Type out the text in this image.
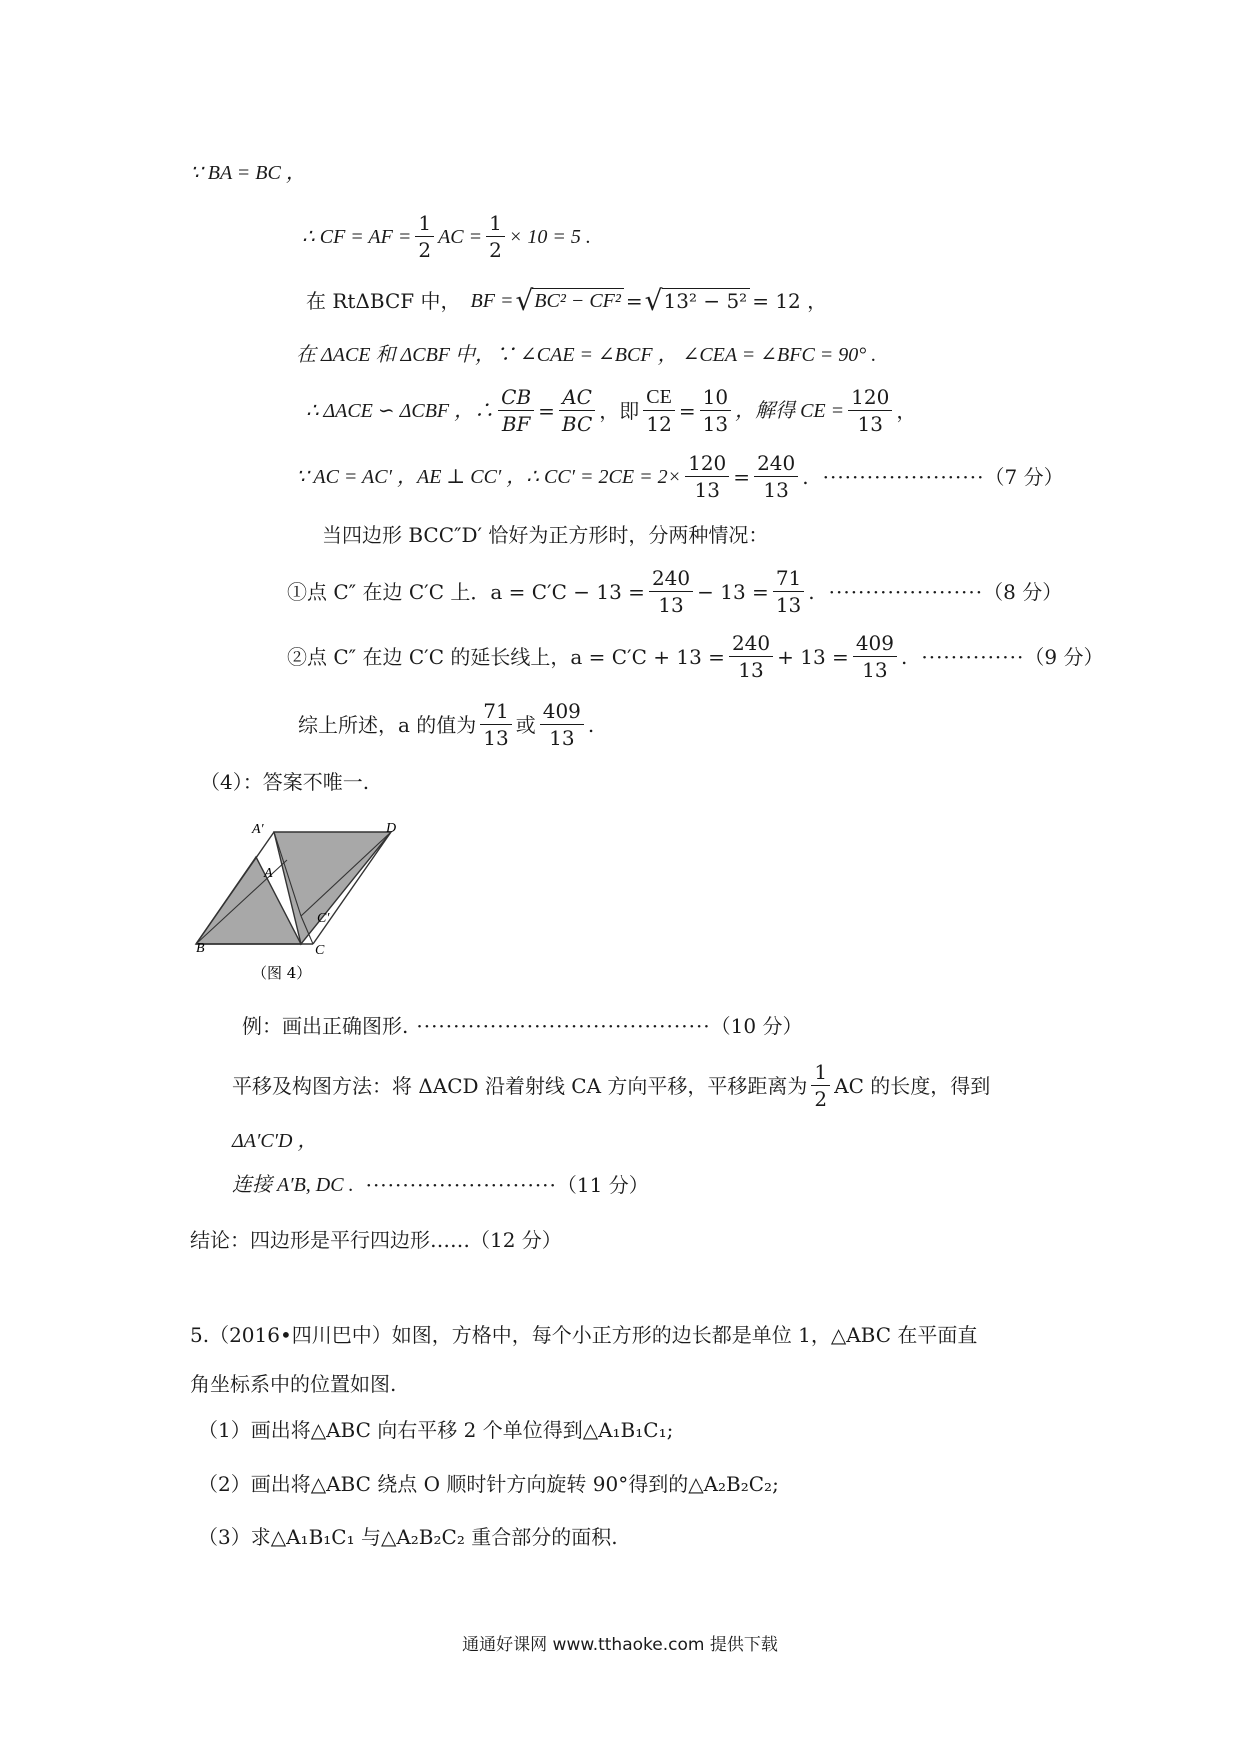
∵ BA = BC ，
∴ CF = AF = $\frac{1}{2}$ AC = $\frac{1}{2} \times 10 = 5$ .
在 RtΔBCF 中， BF = √ BC² − CF² = √ 13² − 5² = 12 ，
在 ΔACE 和 ΔCBF 中，∵ ∠CAE = ∠BCF ， ∠CEA = ∠BFC = 90° .
∴ ΔACE ∽ ΔCBF ，∴ $\frac{CB}{BF} = \frac{AC}{BC}$ ，即 $\frac{CE}{12} = \frac{10}{13}$ ，解得 CE = $\frac{120}{13}$ ，
∵ AC = AC′ ，AE ⊥ CC′ ，∴ $CC' = 2CE = 2\times \frac{120}{13} = \frac{240}{13}$ . ······················ （7 分）
当四边形 BCC″D′ 恰好为正方形时，分两种情况：
①点 C″ 在边 C′C 上．$a = C'C - 13 = \frac{240}{13} - 13 = \frac{71}{13}$ . ····················· （8 分）
②点 C″ 在边 C′C 的延长线上，$a = C'C + 13 = \frac{240}{13} + 13 = \frac{409}{13}$ . ·············· （9 分）
综上所述，a 的值为 $\frac{71}{13}$ 或 $\frac{409}{13}$ .
（4）：答案不唯一.
A′	D
A
C′
B	C
（图 4）
例：画出正确图形. ········································ （10 分）
平移及构图方法：将 ΔACD 沿着射线 CA 方向平移，平移距离为 $\frac{1}{2}$ AC 的长度，得到
ΔA′C′D ，
连接 A′B, DC . ·························· （11 分）
结论：四边形是平行四边形……（12 分）
5.（2016•四川巴中）如图，方格中，每个小正方形的边长都是单位 1，△ABC 在平面直
角坐标系中的位置如图.
（1）画出将△ABC 向右平移 2 个单位得到△A₁B₁C₁;
（2）画出将△ABC 绕点 O 顺时针方向旋转 90°得到的△A₂B₂C₂;
（3）求△A₁B₁C₁ 与△A₂B₂C₂ 重合部分的面积.
通通好课网 www.tthaoke.com 提供下载
